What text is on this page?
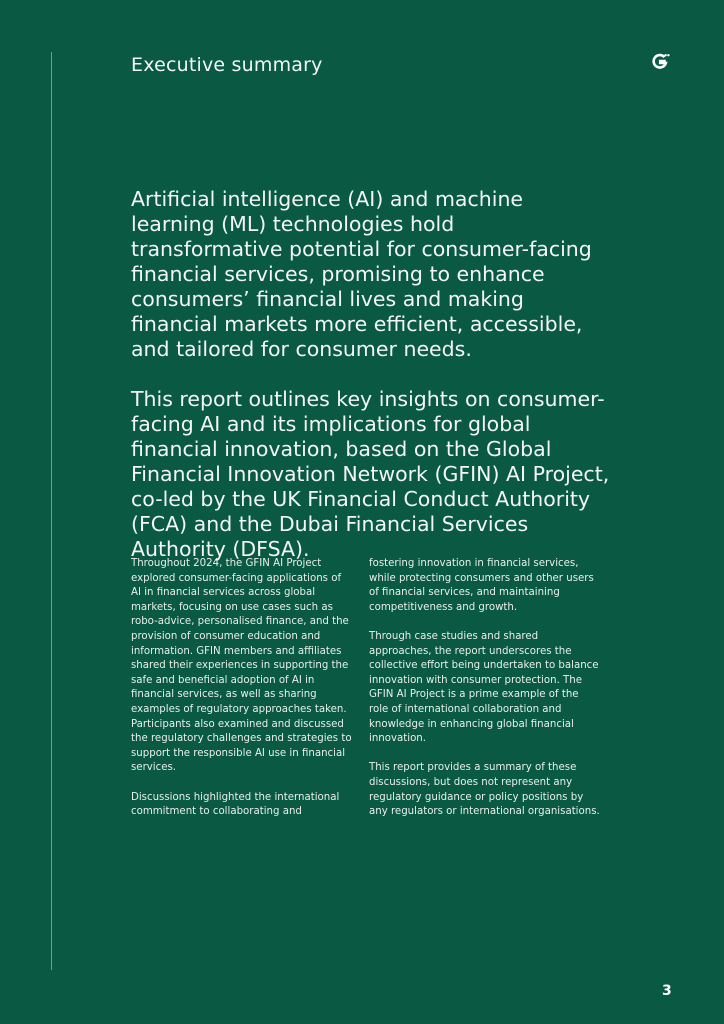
Executive summary

Artificial intelligence (AI) and machine learning (ML) technologies hold transformative potential for consumer-facing financial services, promising to enhance consumers’ financial lives and making financial markets more efficient, accessible, and tailored for consumer needs.

This report outlines key insights on consumer-facing AI and its implications for global financial innovation, based on the Global Financial Innovation Network (GFIN) AI Project, co-led by the UK Financial Conduct Authority (FCA) and the Dubai Financial Services Authority (DFSA).

Throughout 2024, the GFIN AI Project explored consumer-facing applications of AI in financial services across global markets, focusing on use cases such as robo-advice, personalised finance, and the provision of consumer education and information. GFIN members and affiliates shared their experiences in supporting the safe and beneficial adoption of AI in financial services, as well as sharing examples of regulatory approaches taken. Participants also examined and discussed the regulatory challenges and strategies to support the responsible AI use in financial services.

Discussions highlighted the international commitment to collaborating and

fostering innovation in financial services, while protecting consumers and other users of financial services, and maintaining competitiveness and growth.

Through case studies and shared approaches, the report underscores the collective effort being undertaken to balance innovation with consumer protection. The GFIN AI Project is a prime example of the role of international collaboration and knowledge in enhancing global financial innovation.

This report provides a summary of these discussions, but does not represent any regulatory guidance or policy positions by any regulators or international organisations.

3
